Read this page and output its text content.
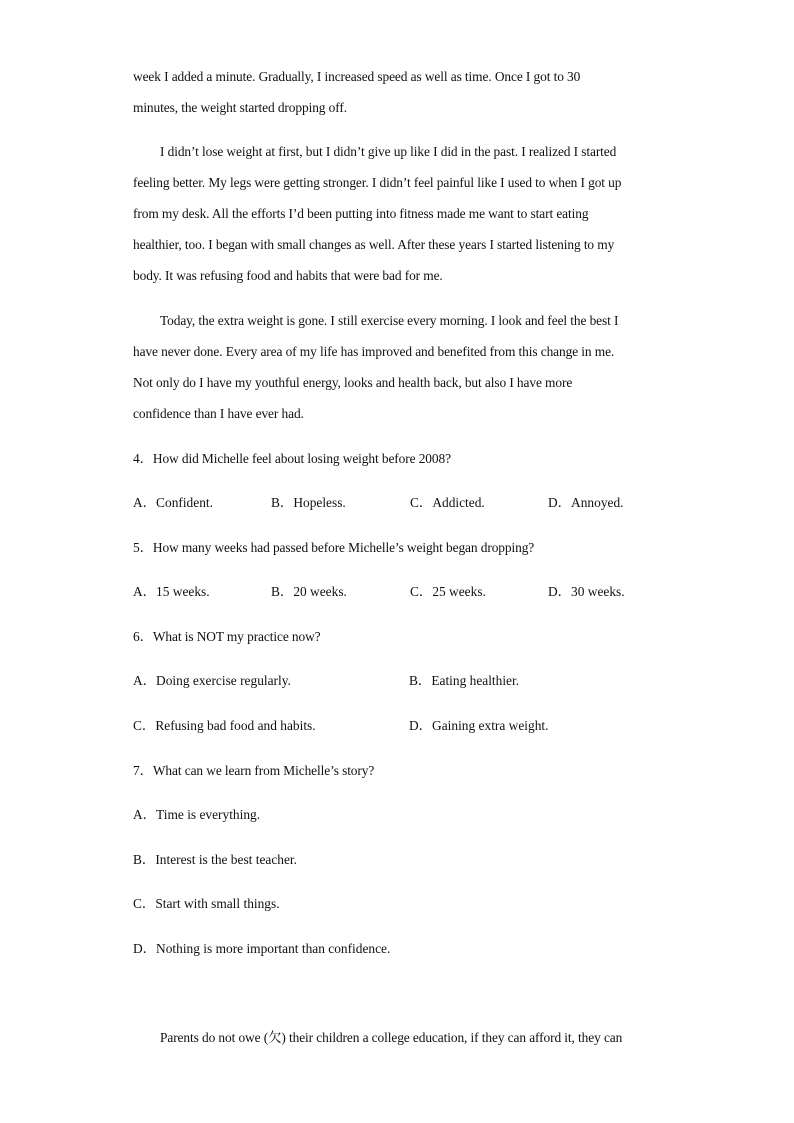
week I added a minute. Gradually, I increased speed as well as time. Once I got to 30
minutes, the weight started dropping off.
I didn’t lose weight at first, but I didn’t give up like I did in the past. I realized I started
feeling better. My legs were getting stronger. I didn’t feel painful like I used to when I got up
from my desk. All the efforts I’d been putting into fitness made me want to start eating
healthier, too. I began with small changes as well. After these years I started listening to my
body. It was refusing food and habits that were bad for me.
Today, the extra weight is gone. I still exercise every morning. I look and feel the best I
have never done. Every area of my life has improved and benefited from this change in me.
Not only do I have my youthful energy, looks and health back, but also I have more
confidence than I have ever had.
4．How did Michelle feel about losing weight before 2008?
A．Confident.	B．Hopeless.	C．Addicted.	D．Annoyed.
5．How many weeks had passed before Michelle’s weight began dropping?
A．15 weeks.	B．20 weeks.	C．25 weeks.	D．30 weeks.
6．What is NOT my practice now?
A．Doing exercise regularly.	B．Eating healthier.
C．Refusing bad food and habits.	D．Gaining extra weight.
7．What can we learn from Michelle’s story?
A．Time is everything.
B．Interest is the best teacher.
C．Start with small things.
D．Nothing is more important than confidence.
Parents do not owe (欠) their children a college education, if they can afford it, they can
